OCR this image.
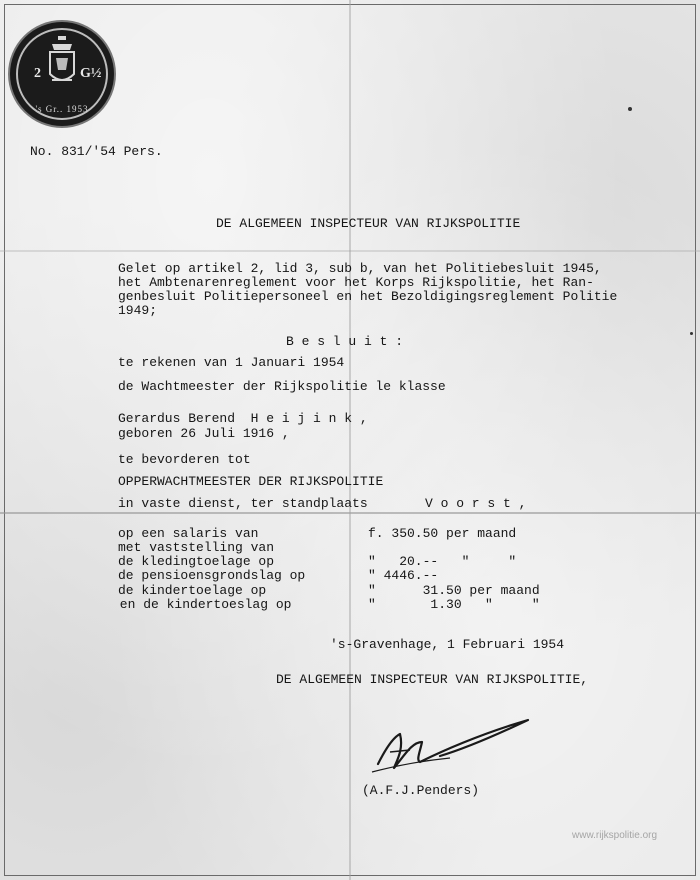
2	G½
's Gr.. 1953
No. 831/'54 Pers.
DE ALGEMEEN INSPECTEUR VAN RIJKSPOLITIE
Gelet op artikel 2, lid 3, sub b, van het Politiebesluit 1945,
het Ambtenarenreglement voor het Korps Rijkspolitie, het Ran-
genbesluit Politiepersoneel en het Bezoldigingsreglement Politie
1949;
B e s l u i t :
te rekenen van 1 Januari 1954
de Wachtmeester der Rijkspolitie le klasse
Gerardus Berend  H e i j i n k ,
geboren 26 Juli 1916 ,
te bevorderen tot
OPPERWACHTMEESTER DER RIJKSPOLITIE
in vaste dienst, ter standplaats	V o o r s t ,
op een salaris van	f. 350.50 per maand
met vaststelling van
de kledingtoelage op	"   20.--   "     "
de pensioensgrondslag op	" 4446.--
de kindertoelage op	"      31.50 per maand
en de kindertoeslag op	"       1.30   "     "
's-Gravenhage, 1 Februari 1954
DE ALGEMEEN INSPECTEUR VAN RIJKSPOLITIE,
(A.F.J.Penders)
www.rijkspolitie.org
